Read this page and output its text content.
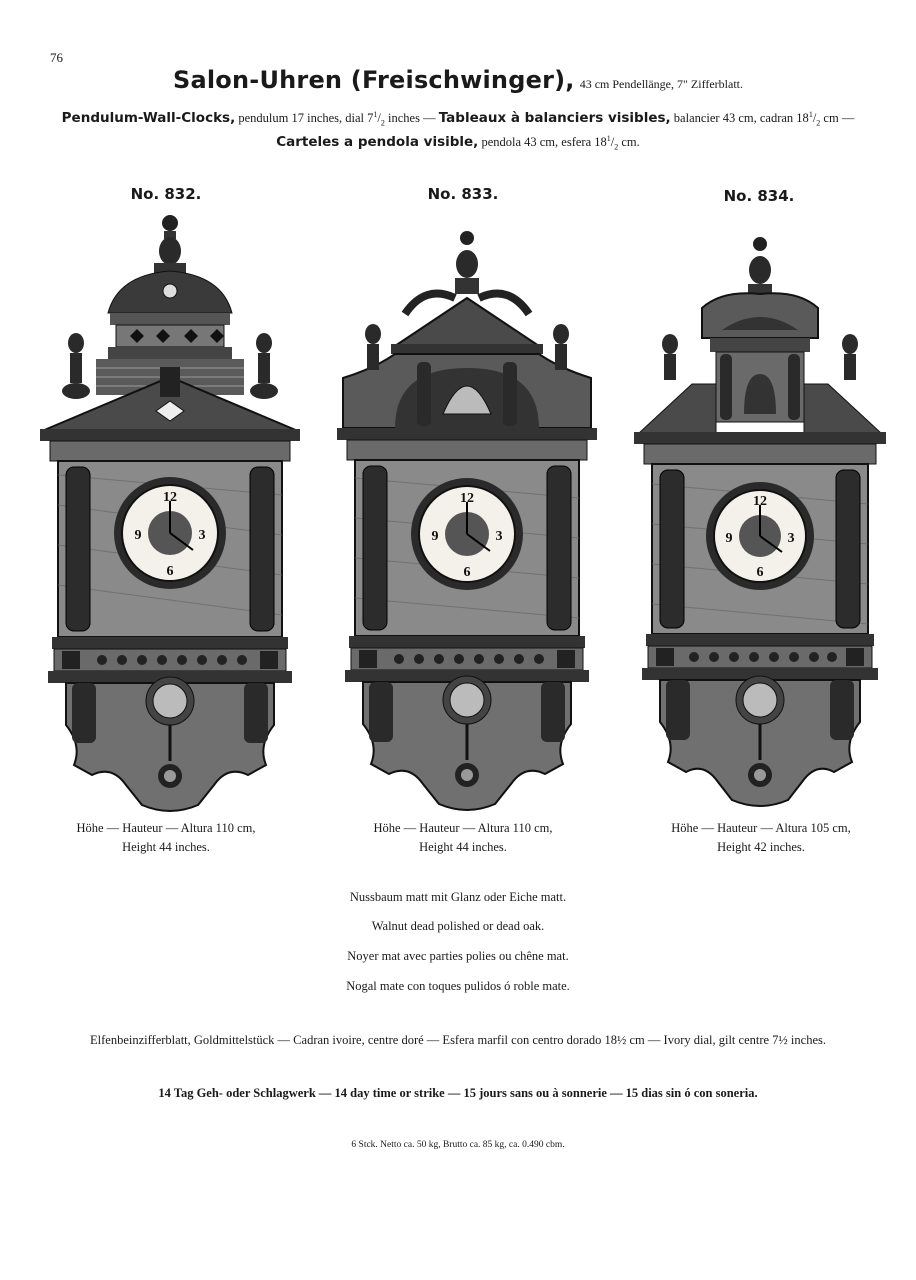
76
Salon-Uhren (Freischwinger), 43 cm Pendellänge, 7" Zifferblatt.
Pendulum-Wall-Clocks, pendulum 17 inches, dial $7^1/_2$ inches — Tableaux à balanciers visibles, balancier 43 cm, cadran $18^1/_2$ cm —
Carteles a pendola visible, pendola 43 cm, esfera $18^1/_2$ cm.
No. 832.	No. 833.	No. 834.
12
3
6
9
12
3
6
9
12
3
6
9
Höhe — Hauteur — Altura 110 cm,
Height 44 inches.
Höhe — Hauteur — Altura 110 cm,
Height 44 inches.
Höhe — Hauteur — Altura 105 cm,
Height 42 inches.
Nussbaum matt mit Glanz oder Eiche matt.
Walnut dead polished or dead oak.
Noyer mat avec parties polies ou chêne mat.
Nogal mate con toques pulidos ó roble mate.
Elfenbeinzifferblatt, Goldmittelstück — Cadran ivoire, centre doré — Esfera marfil con centro dorado 18½ cm — Ivory dial, gilt centre 7½ inches.
14 Tag Geh- oder Schlagwerk — 14 day time or strike — 15 jours sans ou à sonnerie — 15 dias sin ó con soneria.
6 Stck. Netto ca. 50 kg, Brutto ca. 85 kg, ca. 0.490 cbm.
